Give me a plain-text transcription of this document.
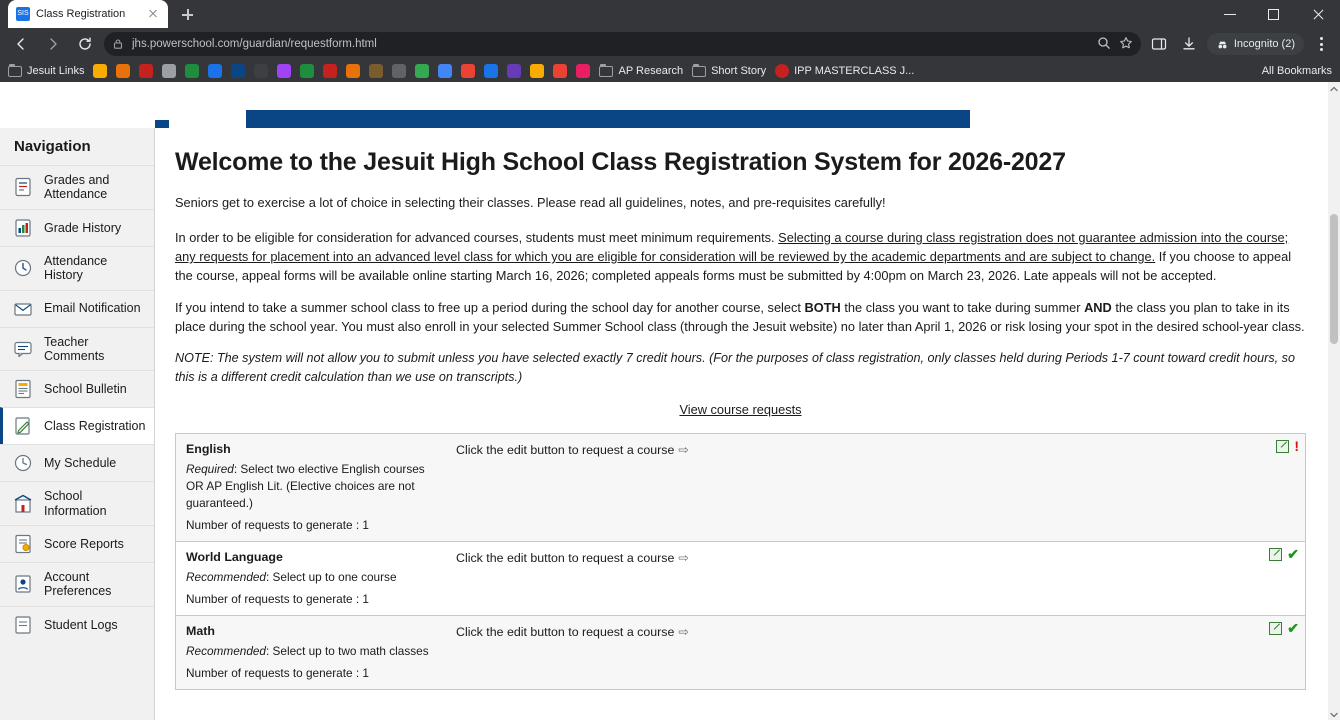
SIS Class Registration
jhs.powerschool.com/guardian/requestform.html	Incognito (2)
Jesuit Links	AP Research	Short Story	IPP MASTERCLASS J...	All Bookmarks
Navigation
Grades and Attendance
Grade History
Attendance History
Email Notification
Teacher Comments
School Bulletin
Class Registration
My Schedule
School Information
Score Reports
Account Preferences
Student Logs
Welcome to the Jesuit High School Class Registration System for 2026-2027

Seniors get to exercise a lot of choice in selecting their classes. Please read all guidelines, notes, and pre-requisites carefully!

In order to be eligible for consideration for advanced courses, students must meet minimum requirements. Selecting a course during class registration does not guarantee admission into the course; any requests for placement into an advanced level class for which you are eligible for consideration will be reviewed by the academic departments and are subject to change. If you choose to appeal the course, appeal forms will be available online starting March 16, 2026; completed appeals forms must be submitted by 4:00pm on March 23, 2026. Late appeals will not be accepted.

If you intend to take a summer school class to free up a period during the school day for another course, select BOTH the class you want to take during summer AND the class you plan to take in its place during the school year. You must also enroll in your selected Summer School class (through the Jesuit website) no later than April 1, 2026 or risk losing your spot in the desired school-year class.

NOTE: The system will not allow you to submit unless you have selected exactly 7 credit hours. (For the purposes of class registration, only classes held during Periods 1-7 count toward credit hours, so this is a different credit calculation than we use on transcripts.)

View course requests
English
Required: Select two elective English courses OR AP English Lit. (Elective choices are not guaranteed.)
Number of requests to generate : 1
Click the edit button to request a course ⇨	!
World Language
Recommended: Select up to one course
Number of requests to generate : 1
Click the edit button to request a course ⇨	✔
Math
Recommended: Select up to two math classes
Number of requests to generate : 1
Click the edit button to request a course ⇨	✔
